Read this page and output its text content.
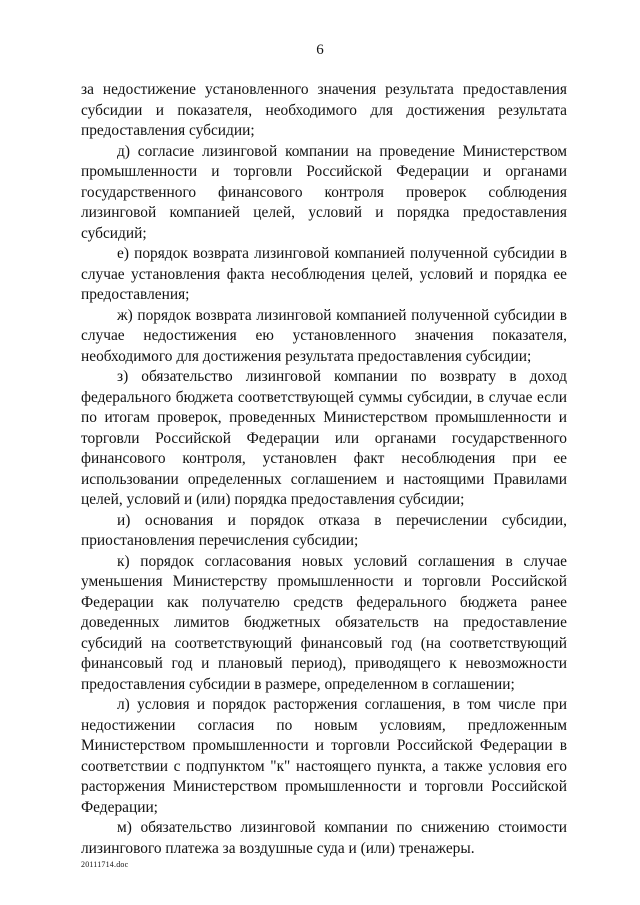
6

за недостижение установленного значения результата предоставления субсидии и показателя, необходимого для достижения результата предоставления субсидии;

д) согласие лизинговой компании на проведение Министерством промышленности и торговли Российской Федерации и органами государственного финансового контроля проверок соблюдения лизинговой компанией целей, условий и порядка предоставления субсидий;

е) порядок возврата лизинговой компанией полученной субсидии в случае установления факта несоблюдения целей, условий и порядка ее предоставления;

ж) порядок возврата лизинговой компанией полученной субсидии в случае недостижения ею установленного значения показателя, необходимого для достижения результата предоставления субсидии;

з) обязательство лизинговой компании по возврату в доход федерального бюджета соответствующей суммы субсидии, в случае если по итогам проверок, проведенных Министерством промышленности и торговли Российской Федерации или органами государственного финансового контроля, установлен факт несоблюдения при ее использовании определенных соглашением и настоящими Правилами целей, условий и (или) порядка предоставления субсидии;

и) основания и порядок отказа в перечислении субсидии, приостановления перечисления субсидии;

к) порядок согласования новых условий соглашения в случае уменьшения Министерству промышленности и торговли Российской Федерации как получателю средств федерального бюджета ранее доведенных лимитов бюджетных обязательств на предоставление субсидий на соответствующий финансовый год (на соответствующий финансовый год и плановый период), приводящего к невозможности предоставления субсидии в размере, определенном в соглашении;

л) условия и порядок расторжения соглашения, в том числе при недостижении согласия по новым условиям, предложенным Министерством промышленности и торговли Российской Федерации в соответствии с подпунктом "к" настоящего пункта, а также условия его расторжения Министерством промышленности и торговли Российской Федерации;

м) обязательство лизинговой компании по снижению стоимости лизингового платежа за воздушные суда и (или) тренажеры.

20111714.doc
